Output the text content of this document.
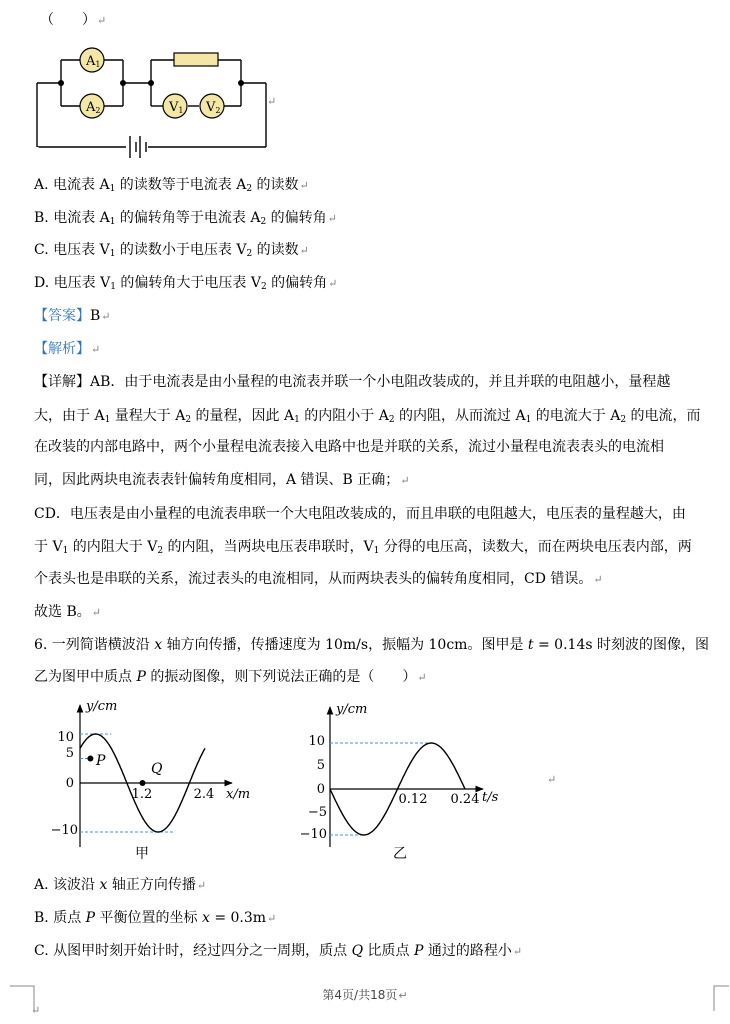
（　　）↵
A1
A2	V1 V2
↵
A. 电流表 $A_1$ 的读数等于电流表 $A_2$ 的读数↵
B. 电流表 $A_1$ 的偏转角等于电流表 $A_2$ 的偏转角↵
C. 电压表 $V_1$ 的读数小于电压表 $V_2$ 的读数↵
D. 电压表 $V_1$ 的偏转角大于电压表 $V_2$ 的偏转角↵
【答案】B↵
【解析】↵
【详解】AB．由于电流表是由小量程的电流表并联一个小电阻改装成的，并且并联的电阻越小，量程越
大，由于 $A_1$ 量程大于 $A_2$ 的量程，因此 $A_1$ 的内阻小于 $A_2$ 的内阻，从而流过 $A_1$ 的电流大于 $A_2$ 的电流，而
在改装的内部电路中，两个小量程电流表接入电路中也是并联的关系，流过小量程电流表表头的电流相
同，因此两块电流表表针偏转角度相同，A 错误、B 正确；↵
CD．电压表是由小量程的电流表串联一个大电阻改装成的，而且串联的电阻越大，电压表的量程越大，由
于 $V_1$ 的内阻大于 $V_2$ 的内阻，当两块电压表串联时，$V_1$ 分得的电压高，读数大，而在两块电压表内部，两
个表头也是串联的关系，流过表头的电流相同，从而两块表头的偏转角度相同，CD 错误。↵
故选 B。↵
6. 一列简谐横波沿 x 轴方向传播，传播速度为 10m/s，振幅为 10cm。图甲是 t = 0.14s 时刻波的图像，图
乙为图甲中质点 P 的振动图像，则下列说法正确的是（　　）↵
y/cm
x/m
10
5
0
−10
1.2	2.4
P	Q
甲
y/cm
t/s
10
5
0
−5
−10
0.12 0.24
乙
↵
A. 该波沿 x 轴正方向传播↵
B. 质点 P 平衡位置的坐标 x = 0.3m↵
C. 从图甲时刻开始计时，经过四分之一周期，质点 Q 比质点 P 通过的路程小↵
↵
第4页/共18页↵
